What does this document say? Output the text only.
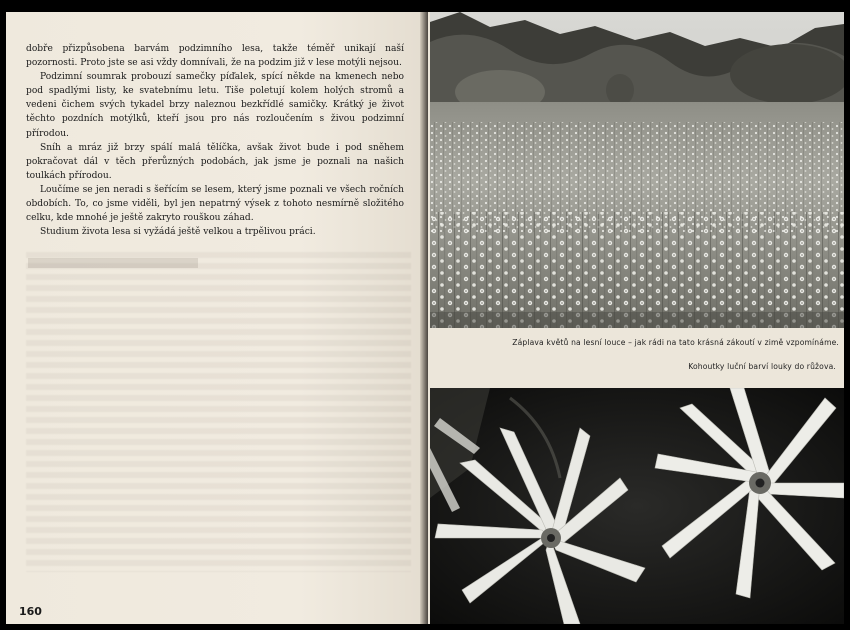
dobře přizpůsobena barvám podzimního lesa, takže téměř unikají naší pozornosti. Proto jste se asi vždy domnívali, že na podzim již v lese motýli nejsou.

Podzimní soumrak probouzí samečky píďalek, spící někde na kmenech nebo pod spadlými listy, ke svatebnímu letu. Tiše poletují kolem holých stromů a vedeni čichem svých tykadel brzy naleznou bezkřídlé samičky. Krátký je život těchto pozdních motýlků, kteří jsou pro nás rozloučením s živou podzimní přírodou.

Sníh a mráz již brzy spálí malá tělíčka, avšak život bude i pod sněhem pokračovat dál v těch přerůzných podobách, jak jsme je poznali na našich toulkách přírodou.

Loučíme se jen neradi s šeřícím se lesem, který jsme poznali ve všech ročních obdobích. To, co jsme viděli, byl jen nepatrný výsek z tohoto nesmírně složitého celku, kde mnohé je ještě zakryto rouškou záhad.

Studium života lesa si vyžádá ještě velkou a trpělivou práci.

160
Záplava květů na lesní louce – jak rádi na tato krásná zákoutí v zimě vzpomínáme.
Kohoutky luční barví louky do růžova.
